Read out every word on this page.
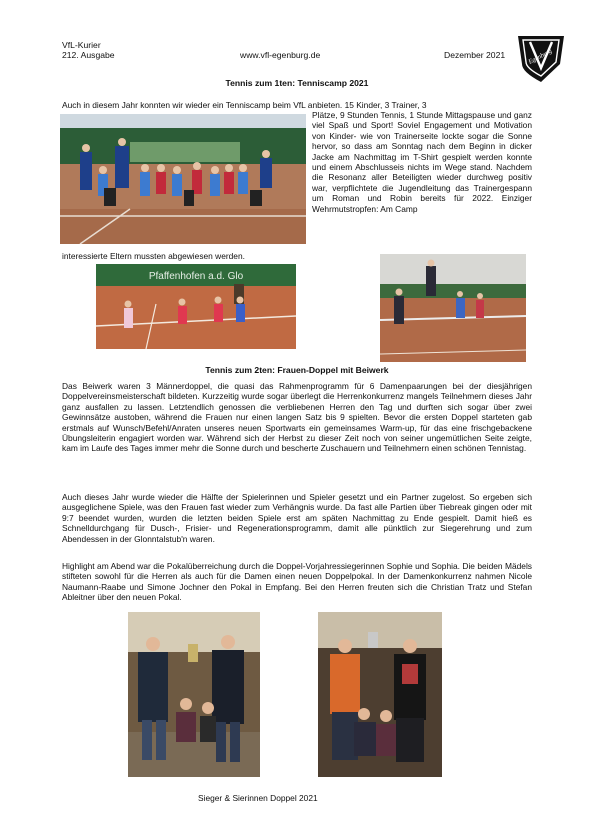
VfL-Kurier
212. Ausgabe	www.vfl-egenburg.de	Dezember 2021	Egenburg
Tennis zum 1ten: Tenniscamp 2021

Auch in diesem Jahr konnten wir wieder ein Tenniscamp beim VfL anbieten. 15 Kinder, 3 Trainer, 3

Plätze, 9 Stunden Tennis, 1 Stunde Mittagspause und ganz viel Spaß und Sport! Soviel Engagement und Motivation von Kinder- wie von Trainerseite lockte sogar die Sonne hervor, so dass am Sonntag nach dem Beginn in dicker Jacke am Nachmittag im T-Shirt gespielt werden konnte und einem Abschlusseis nichts im Wege stand. Nachdem die Resonanz aller Beteiligten wieder durchweg positiv war, verpflichtete die Jugendleitung das Trainergespann um Roman und Robin bereits für 2022. Einziger Wehrmutstropfen: Am Camp

interessierte Eltern mussten abgewiesen werden.

Pfaffenhofen a.d. Glo
Tennis zum 2ten: Frauen-Doppel mit Beiwerk

Das Beiwerk waren 3 Männerdoppel, die quasi das Rahmenprogramm für 6 Damenpaarungen bei der diesjährigen Doppelvereinsmeisterschaft bildeten. Kurzzeitig wurde sogar überlegt die Herrenkonkurrenz mangels Teilnehmern dieses Jahr ganz ausfallen zu lassen. Letztendlich genossen die verbliebenen Herren den Tag und durften sich sogar über zwei Gewinnsätze austoben, während die Frauen nur einen langen Satz bis 9 spielten. Bevor die ersten Doppel starteten gab erstmals auf Wunsch/Befehl/Anraten unseres neuen Sportwarts ein gemeinsames Warm-up, für das eine frischgebackene Übungsleiterin engagiert worden war. Während sich der Herbst zu dieser Zeit noch von seiner ungemütlichen Seite zeigte, kam im Laufe des Tages immer mehr die Sonne durch und bescherte Zuschauern und Teilnehmern einen schönen Tennistag.

Auch dieses Jahr wurde wieder die Hälfte der Spielerinnen und Spieler gesetzt und ein Partner zugelost. So ergeben sich ausgeglichene Spiele, was den Frauen fast wieder zum Verhängnis wurde. Da fast alle Partien über Tiebreak gingen oder mit 9:7 beendet wurden, wurden die letzten beiden Spiele erst am späten Nachmittag zu Ende gespielt. Damit hieß es Schnelldurchgang für Dusch-, Frisier- und Regenerationsprogramm, damit alle pünktlich zur Siegerehrung und zum Abendessen in der Glonntalstub'n waren.

Highlight am Abend war die Pokalüberreichung durch die Doppel-Vorjahressiegerinnen Sophie und Sophia. Die beiden Mädels stifteten sowohl für die Herren als auch für die Damen einen neuen Doppelpokal. In der Damenkonkurrenz nahmen Nicole Naumann-Raabe und Simone Jochner den Pokal in Empfang. Bei den Herren freuten sich die Christian Tratz und Stefan Ableitner über den neuen Pokal.

Sieger & Sierinnen Doppel 2021
